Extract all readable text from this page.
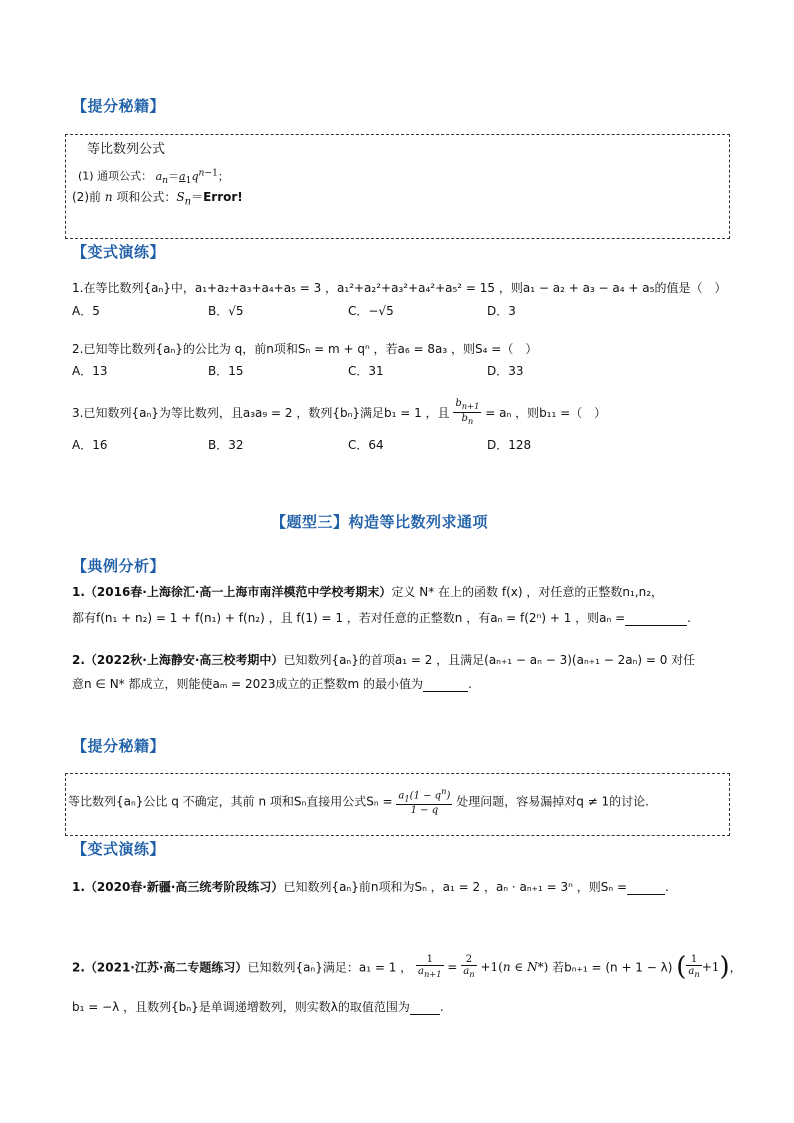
【提分秘籍】
等比数列公式
(1) 通项公式： $a_n=a_1q^{n-1}$；
(2)前 n 项和公式：$S_n=Error$!
【变式演练】
1.在等比数列{aₙ}中，a₁+a₂+a₃+a₄+a₅ = 3 ，a₁²+a₂²+a₃²+a₄²+a₅² = 15 ，则a₁ − a₂ + a₃ − a₄ + a₅的值是（　）
A．5	B．√5	C．−√5	D．3
2.已知等比数列{aₙ}的公比为 q，前n项和Sₙ = m + qⁿ ，若a₆ = 8a₃ ，则S₄ =（　）
A．13	B．15	C．31	D．33
3.已知数列{aₙ}为等比数列，且a₃a₉ = 2 ，数列{bₙ}满足b₁ = 1 ，且 $\frac{b_{n+1}}{b_n} = a_n$ ，则b₁₁ =（　）
A．16	B．32	C．64	D．128
【题型三】构造等比数列求通项
【典例分析】
1.（2016春·上海徐汇·高一上海市南洋模范中学校考期末）定义 N* 在上的函数 f(x) ，对任意的正整数n₁,n₂，
都有f(n₁ + n₂) = 1 + f(n₁) + f(n₂) ，且 f(1) = 1 ，若对任意的正整数n ，有aₙ = f(2ⁿ) + 1 ，则aₙ =	.
2.（2022秋·上海静安·高三校考期中）已知数列{aₙ}的首项a₁ = 2 ，且满足(aₙ₊₁ − aₙ − 3)(aₙ₊₁ − 2aₙ) = 0 对任
意n ∈ N* 都成立，则能使aₘ = 2023成立的正整数m 的最小值为	.
【提分秘籍】
等比数列{aₙ}公比 q 不确定，其前 n 项和Sₙ直接用公式$S_n = \frac{a_1(1 - q^n)}{1 - q}$ 处理问题，容易漏掉对q ≠ 1的讨论.
【变式演练】
1.（2020春·新疆·高三统考阶段练习）已知数列{aₙ}前n项和为Sₙ ，a₁ = 2 ，aₙ · aₙ₊₁ = 3ⁿ ，则Sₙ =	.
2.（2021·江苏·高二专题练习）已知数列{aₙ}满足：a₁ = 1 ， $\frac{1}{a_{n+1}} = \frac{2}{a_n} +1(n$ ∈ N*) 若bₙ₊₁ = (n + 1 − λ) ( $\frac{1}{a_n} +1$)，
b₁ = −λ ，且数列{bₙ}是单调递增数列，则实数λ的取值范围为	.
